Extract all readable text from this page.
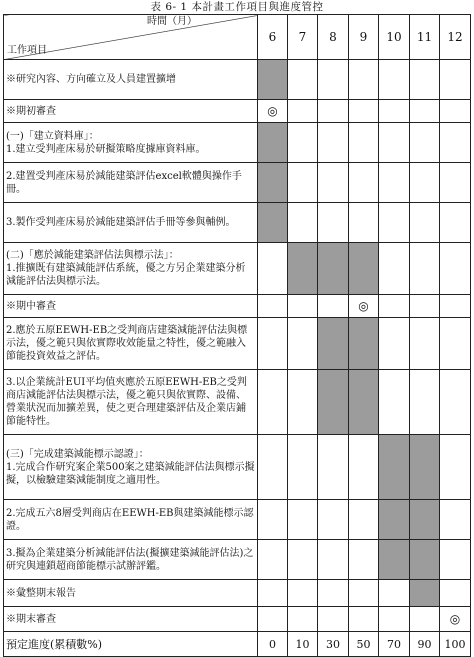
表 6- 1 本計畫工作項目與進度管控
時間（月）
工作項目	6	7	8	9	10	11	12
※研究內容、方向確立及人員建置擴增							
※期初審查	◎						
(一)「建立資料庫」：
1.建立受判產床易於研擬策略度據庫資料庫。							
2.建置受判產床易於減能建築評估excel軟體與操作手冊。							
3.製作受判產床易於減能建築評估手冊等參與輔例。							
(二)「應於減能建築評估法與標示法」：
1.推擴既有建築減能評估系統，優之方另企業建築分析減能評估法與標示法。							
※期中審查				◎			
2.應於五原EEWH-EB之受判商店建築減能評估法與標示法，優之範只與依實際收效能量之特性，優之範融入節能投資效益之評估。							
3.以企業統計EUI平均值夾應於五原EEWH-EB之受判商店減能評估法與標示法，優之範只與依實際、設備、營業狀況而加擴差異，使之更合理建築評估及企業店鋪節能特性。							
(三)「完成建築減能標示認證」：
1.完成合作研究案企業500案之建築減能評估法與標示擬擬，以檢驗建築減能制度之適用性。							
2.完成五六8層受判商店在EEWH-EB與建築減能標示認證。							
3.擬為企業建築分析減能評估法(擬擴建築減能評估法)之研究與連鎖超商節能標示試辦評鑑。							
※彙整期末報告							
※期末審查							◎
預定進度(累積數%)	0	10	30	50	70	90	100
